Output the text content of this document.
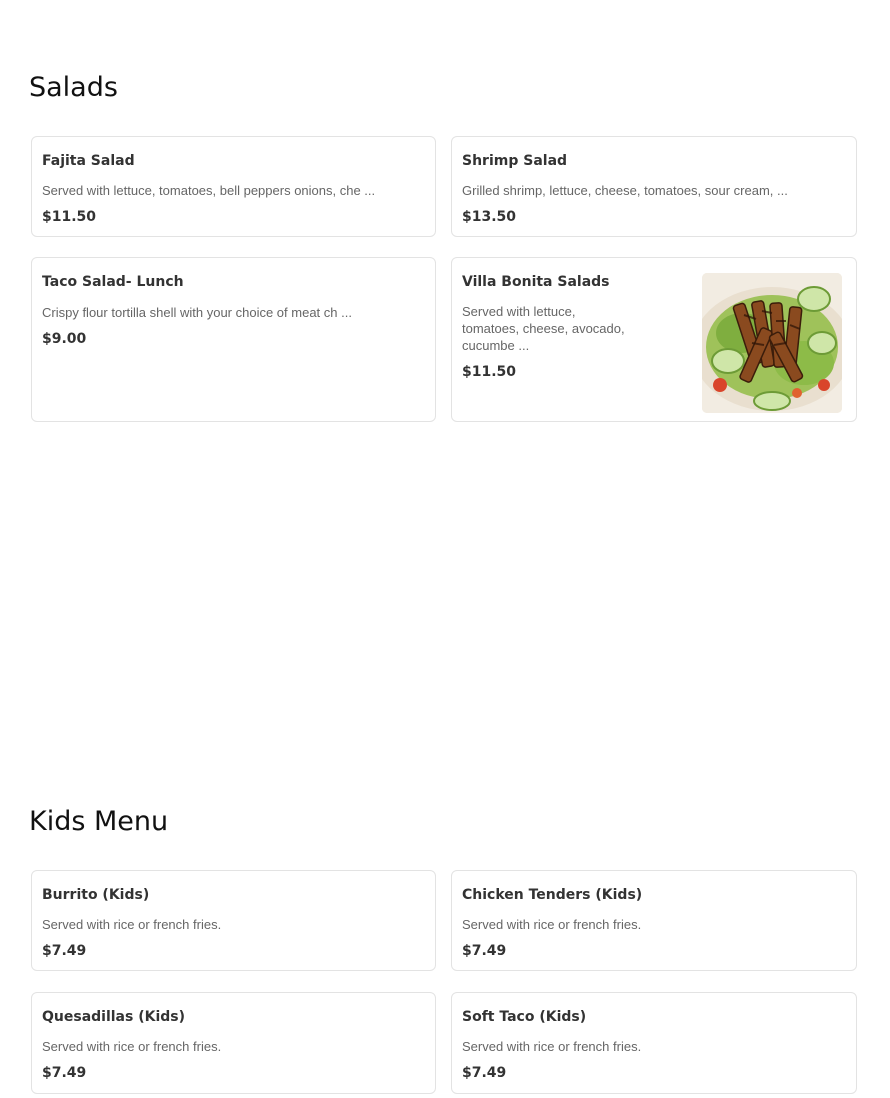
Salads
Fajita Salad
Served with lettuce, tomatoes, bell peppers onions, che ...
$11.50
Shrimp Salad
Grilled shrimp, lettuce, cheese, tomatoes, sour cream, ...
$13.50
Taco Salad- Lunch
Crispy flour tortilla shell with your choice of meat ch ...
$9.00
Villa Bonita Salads
Served with lettuce, tomatoes, cheese, avocado, cucumbe ...
$11.50
Kids Menu
Burrito (Kids)
Served with rice or french fries.
$7.49
Chicken Tenders (Kids)
Served with rice or french fries.
$7.49
Quesadillas (Kids)
Served with rice or french fries.
$7.49
Soft Taco (Kids)
Served with rice or french fries.
$7.49
